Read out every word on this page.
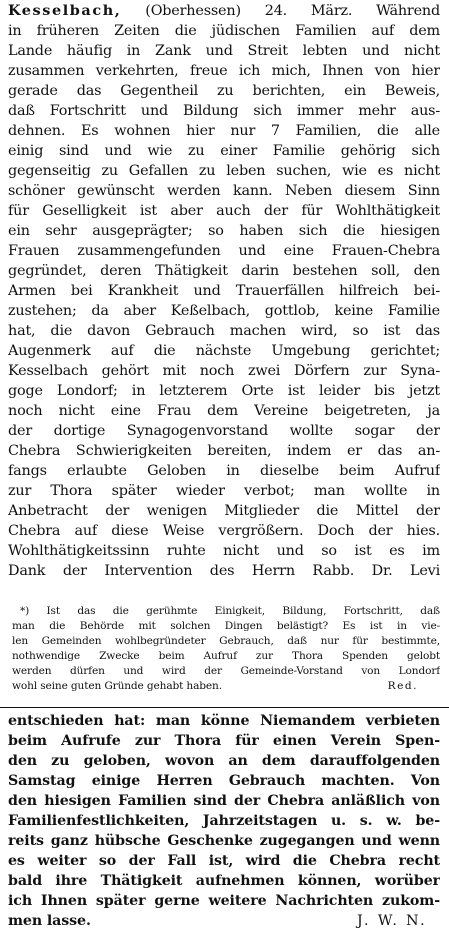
Kesselbach, (Oberhessen) 24. März. Während
in früheren Zeiten die jüdischen Familien auf dem
Lande häufig in Zank und Streit lebten und nicht
zusammen verkehrten, freue ich mich, Ihnen von hier
gerade das Gegentheil zu berichten, ein Beweis,
daß Fortschritt und Bildung sich immer mehr aus-
dehnen. Es wohnen hier nur 7 Familien, die alle
einig sind und wie zu einer Familie gehörig sich
gegenseitig zu Gefallen zu leben suchen, wie es nicht
schöner gewünscht werden kann. Neben diesem Sinn
für Geselligkeit ist aber auch der für Wohlthätigkeit
ein sehr ausgeprägter; so haben sich die hiesigen
Frauen zusammengefunden und eine Frauen-Chebra
gegründet, deren Thätigkeit darin bestehen soll, den
Armen bei Krankheit und Trauerfällen hilfreich bei-
zustehen; da aber Keßelbach, gottlob, keine Familie
hat, die davon Gebrauch machen wird, so ist das
Augenmerk auf die nächste Umgebung gerichtet;
Kesselbach gehört mit noch zwei Dörfern zur Syna-
goge Londorf; in letzterem Orte ist leider bis jetzt
noch nicht eine Frau dem Vereine beigetreten, ja
der dortige Synagogenvorstand wollte sogar der
Chebra Schwierigkeiten bereiten, indem er das an-
fangs erlaubte Geloben in dieselbe beim Aufruf
zur Thora später wieder verbot; man wollte in
Anbetracht der wenigen Mitglieder die Mittel der
Chebra auf diese Weise vergrößern. Doch der hies.
Wohlthätigkeitssinn ruhte nicht und so ist es im
Dank der Intervention des Herrn Rabb. Dr. Levi
*) Ist das die gerühmte Einigkeit, Bildung, Fortschritt, daß
man die Behörde mit solchen Dingen belästigt? Es ist in vie-
len Gemeinden wohlbegründeter Gebrauch, daß nur für bestimmte,
nothwendige Zwecke beim Aufruf zur Thora Spenden gelobt
werden dürfen und wird der Gemeinde-Vorstand von Londorf
wohl seine guten Gründe gehabt haben.	Red.
entschieden hat: man könne Niemandem verbieten
beim Aufrufe zur Thora für einen Verein Spen-
den zu geloben, wovon an dem darauffolgenden
Samstag einige Herren Gebrauch machten. Von
den hiesigen Familien sind der Chebra anläßlich von
Familienfestlichkeiten, Jahrzeitstagen u. s. w. be-
reits ganz hübsche Geschenke zugegangen und wenn
es weiter so der Fall ist, wird die Chebra recht
bald ihre Thätigkeit aufnehmen können, worüber
ich Ihnen später gerne weitere Nachrichten zukom-
men lasse.	J. W. N.
